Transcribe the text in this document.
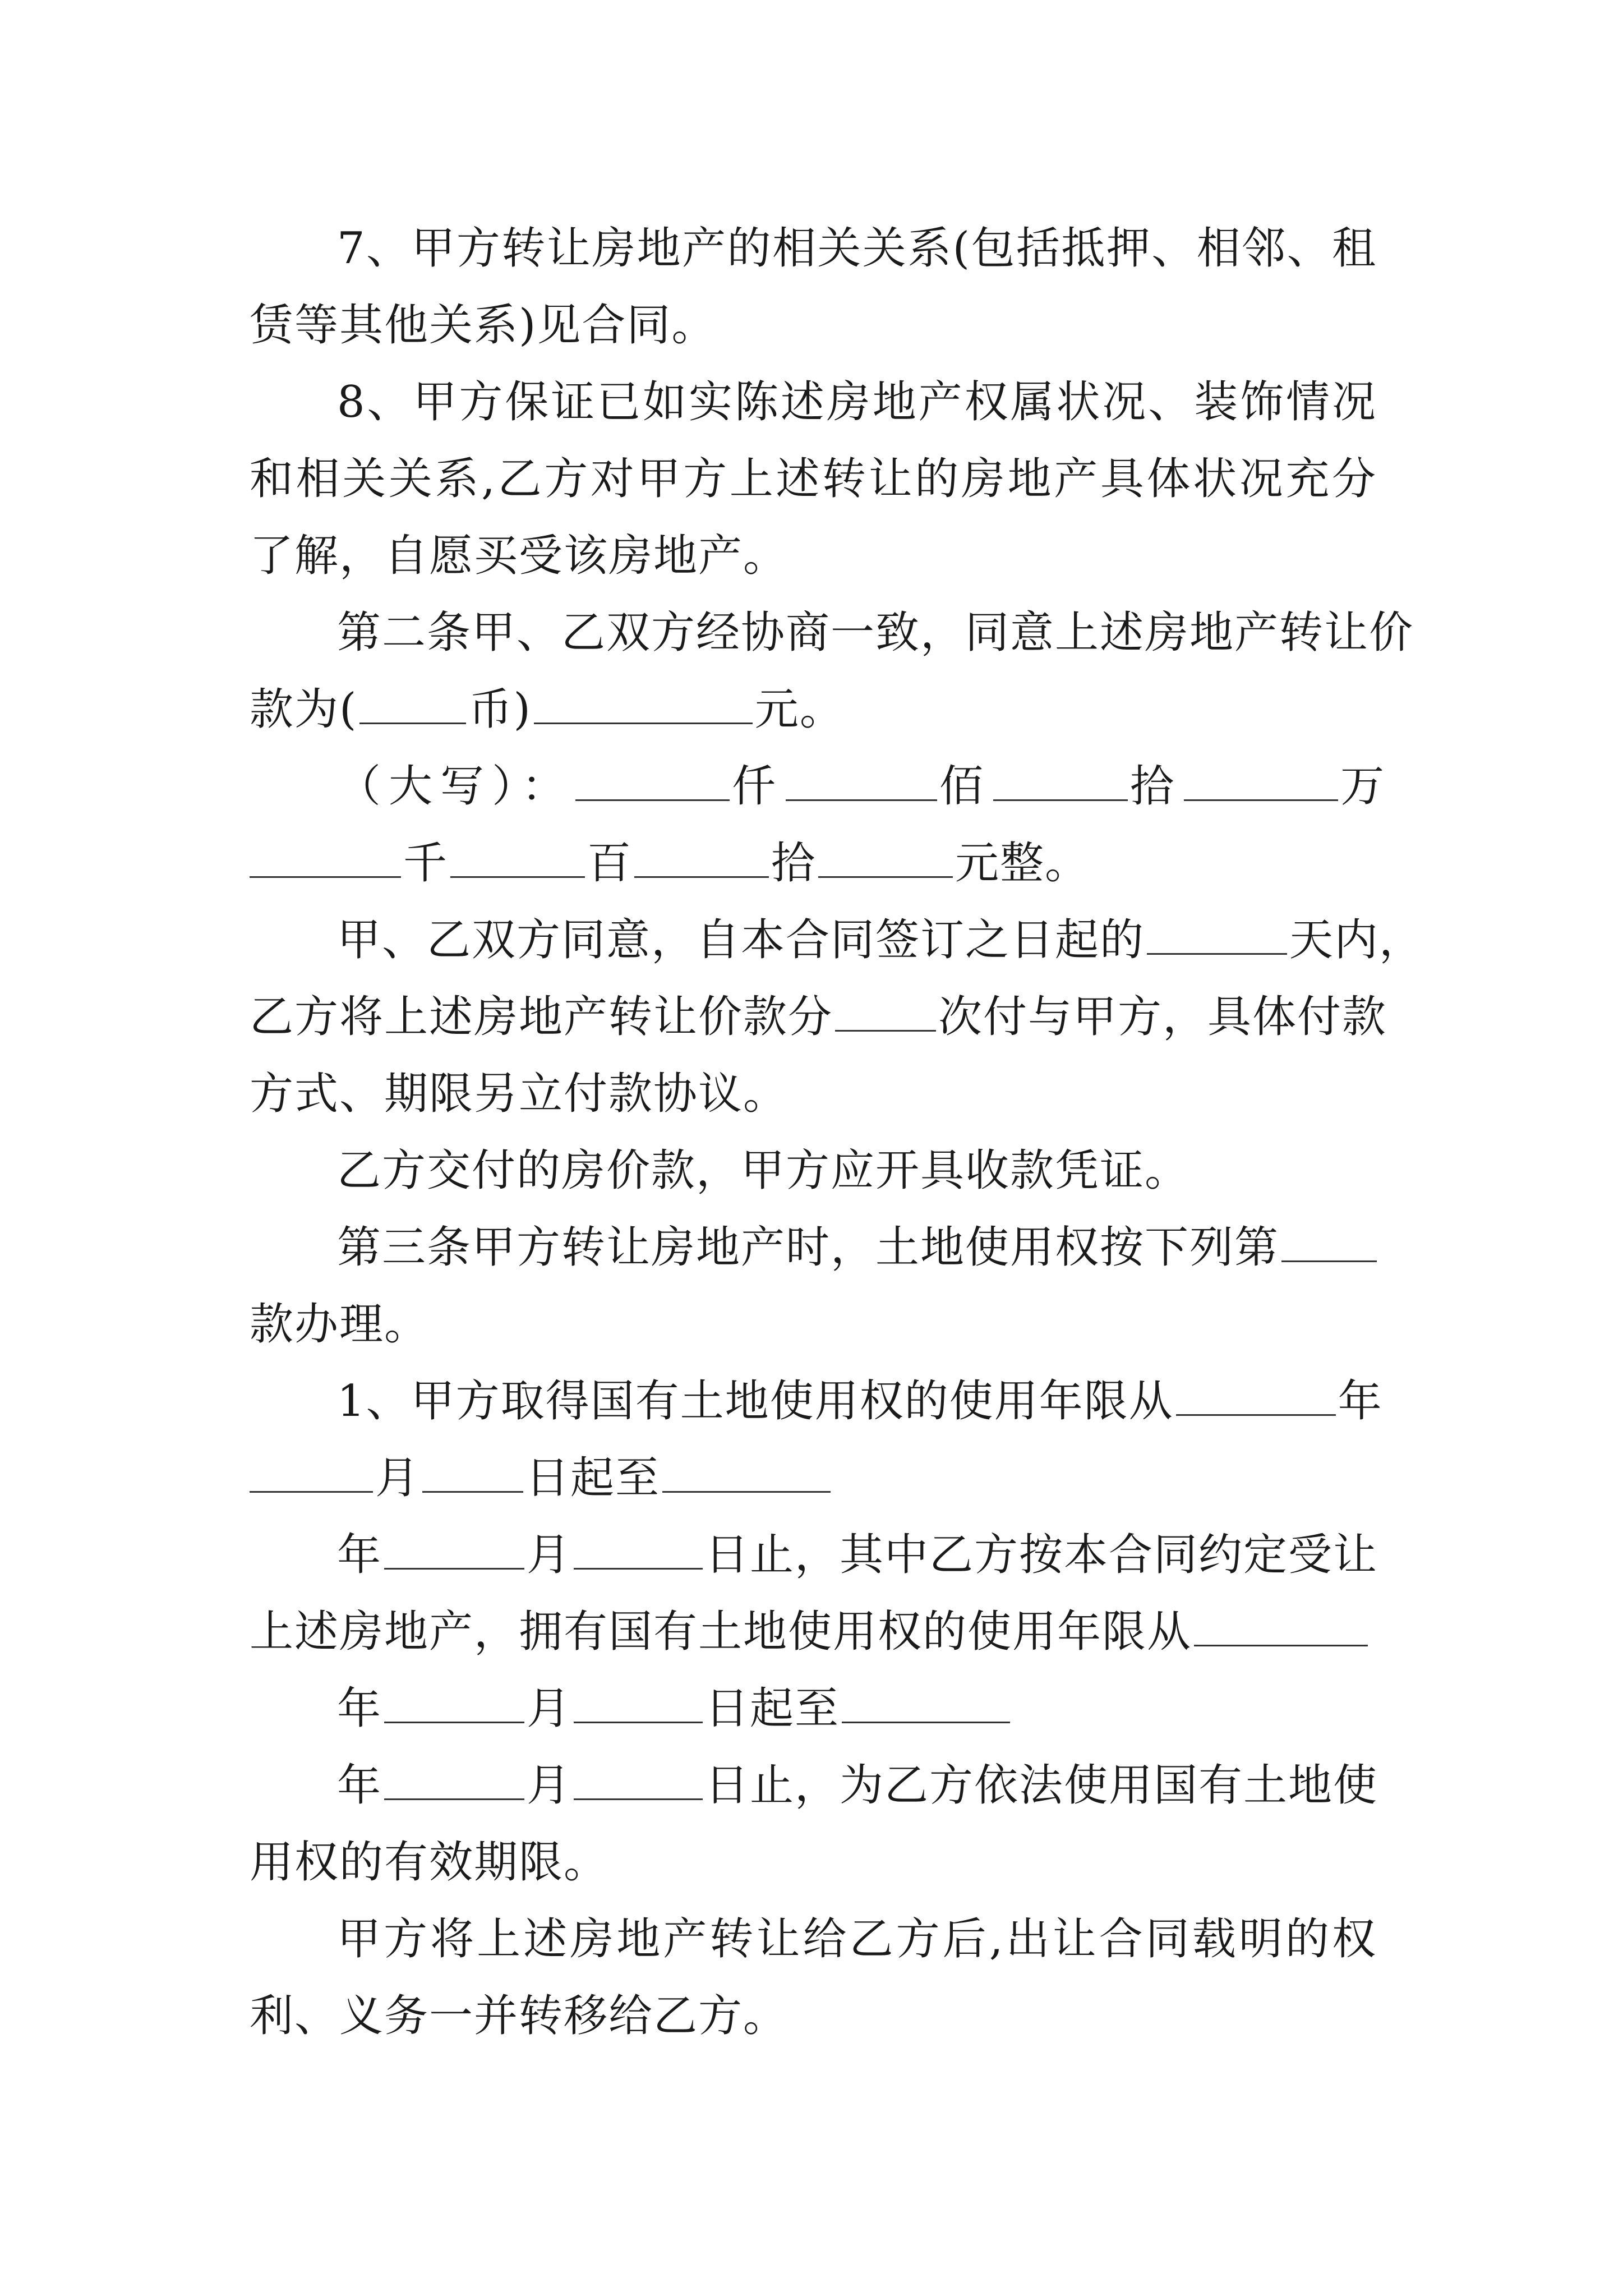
7、甲方转让房地产的相关关系(包括抵押、相邻、租赁等其他关系)见合同。

8、甲方保证已如实陈述房地产权属状况、装饰情况和相关关系,乙方对甲方上述转让的房地产具体状况充分了解，自愿买受该房地产。

第二条甲、乙双方经协商一致，同意上述房地产转让价
款为(	币)	元。
（大写）：	仟	佰	拾	万
千	百	拾	元整。
甲、乙双方同意，自本合同签订之日起的	天内，
乙方将上述房地产转让价款分 次付与甲方，具体付款
方式、期限另立付款协议。
乙方交付的房价款，甲方应开具收款凭证。
第三条甲方转让房地产时，土地使用权按下列第
款办理。
1、甲方取得国有土地使用权的使用年限从	年
月 日起至
年	月	日止，其中乙方按本合同约定受让
上述房地产，拥有国有土地使用权的使用年限从
年	月	日起至
年	月	日止，为乙方依法使用国有土地使
用权的有效期限。

甲方将上述房地产转让给乙方后,出让合同载明的权利、义务一并转移给乙方。
